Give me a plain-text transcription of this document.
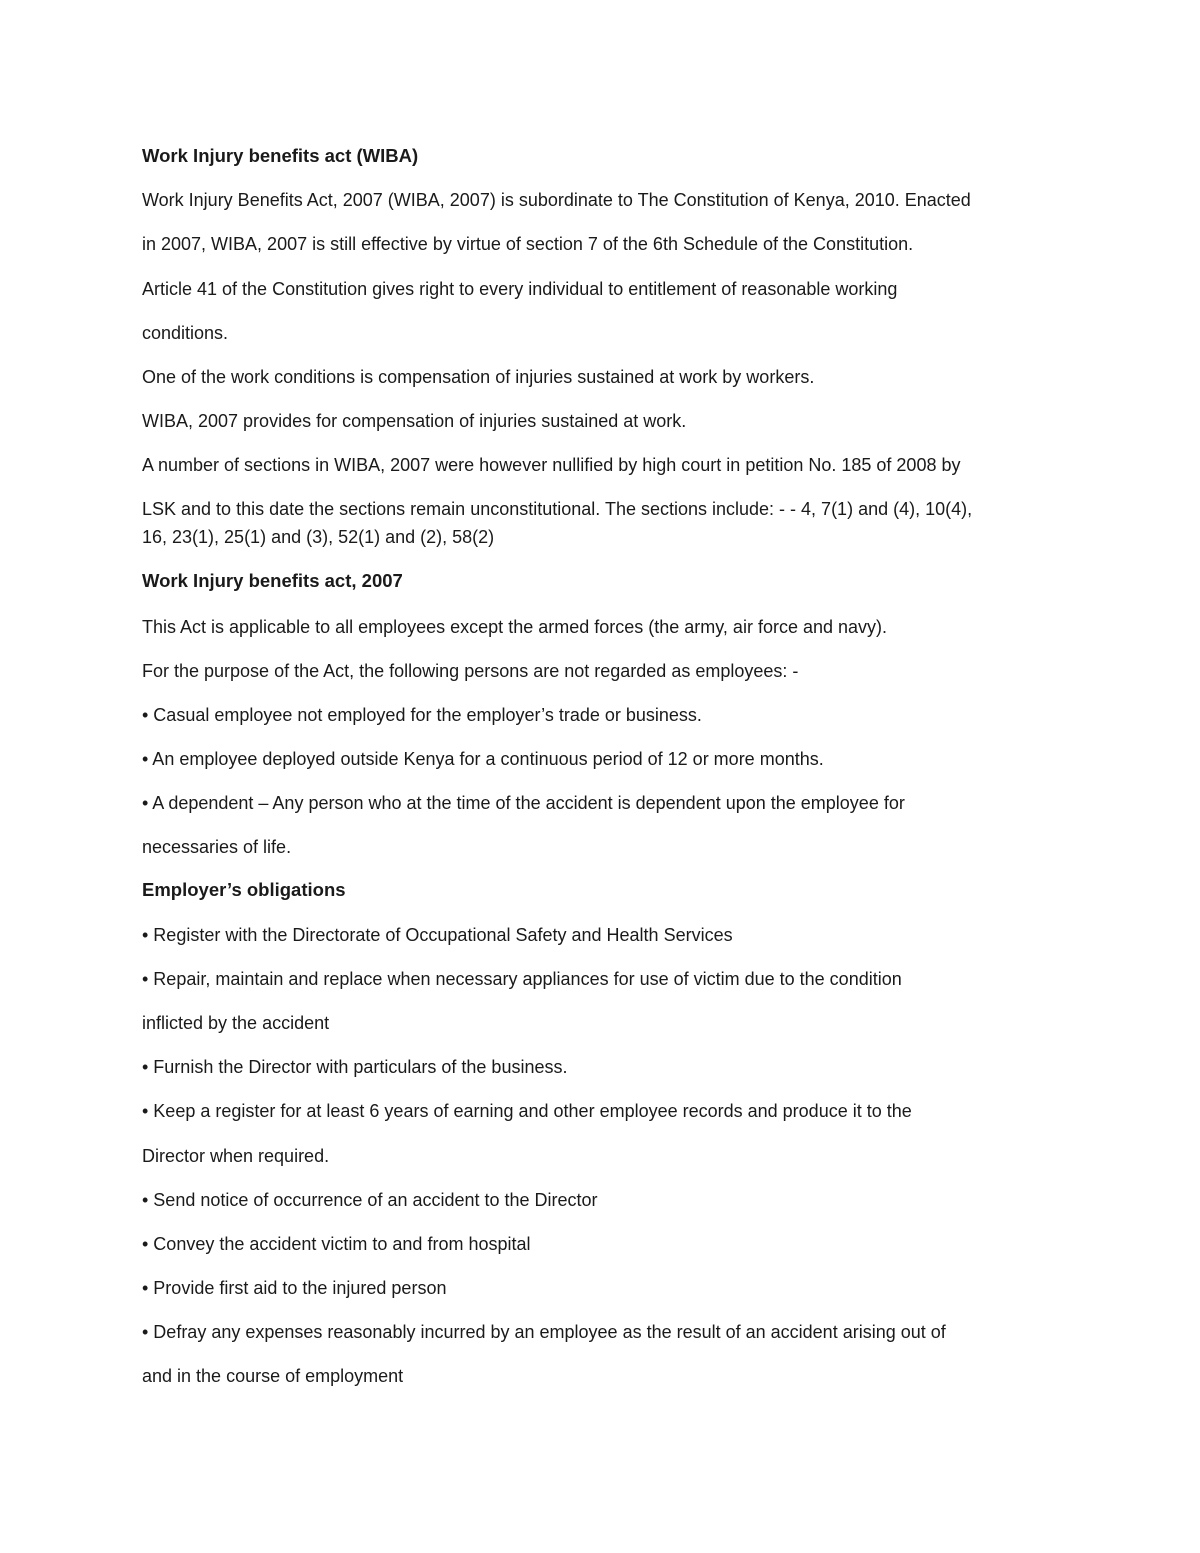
Work Injury benefits act (WIBA)
Work Injury Benefits Act, 2007 (WIBA, 2007) is subordinate to The Constitution of Kenya, 2010. Enacted
in 2007, WIBA, 2007 is still effective by virtue of section 7 of the 6th Schedule of the Constitution.
Article 41 of the Constitution gives right to every individual to entitlement of reasonable working
conditions.
One of the work conditions is compensation of injuries sustained at work by workers.
WIBA, 2007 provides for compensation of injuries sustained at work.
A number of sections in WIBA, 2007 were however nullified by high court in petition No. 185 of 2008 by
LSK and to this date the sections remain unconstitutional. The sections include: - - 4, 7(1) and (4), 10(4),
16, 23(1), 25(1) and (3), 52(1) and (2), 58(2)
Work Injury benefits act, 2007
This Act is applicable to all employees except the armed forces (the army, air force and navy).
For the purpose of the Act, the following persons are not regarded as employees: -
• Casual employee not employed for the employer’s trade or business.
• An employee deployed outside Kenya for a continuous period of 12 or more months.
• A dependent – Any person who at the time of the accident is dependent upon the employee for
necessaries of life.
Employer’s obligations
• Register with the Directorate of Occupational Safety and Health Services
• Repair, maintain and replace when necessary appliances for use of victim due to the condition
inflicted by the accident
• Furnish the Director with particulars of the business.
• Keep a register for at least 6 years of earning and other employee records and produce it to the
Director when required.
• Send notice of occurrence of an accident to the Director
• Convey the accident victim to and from hospital
• Provide first aid to the injured person
• Defray any expenses reasonably incurred by an employee as the result of an accident arising out of
and in the course of employment
